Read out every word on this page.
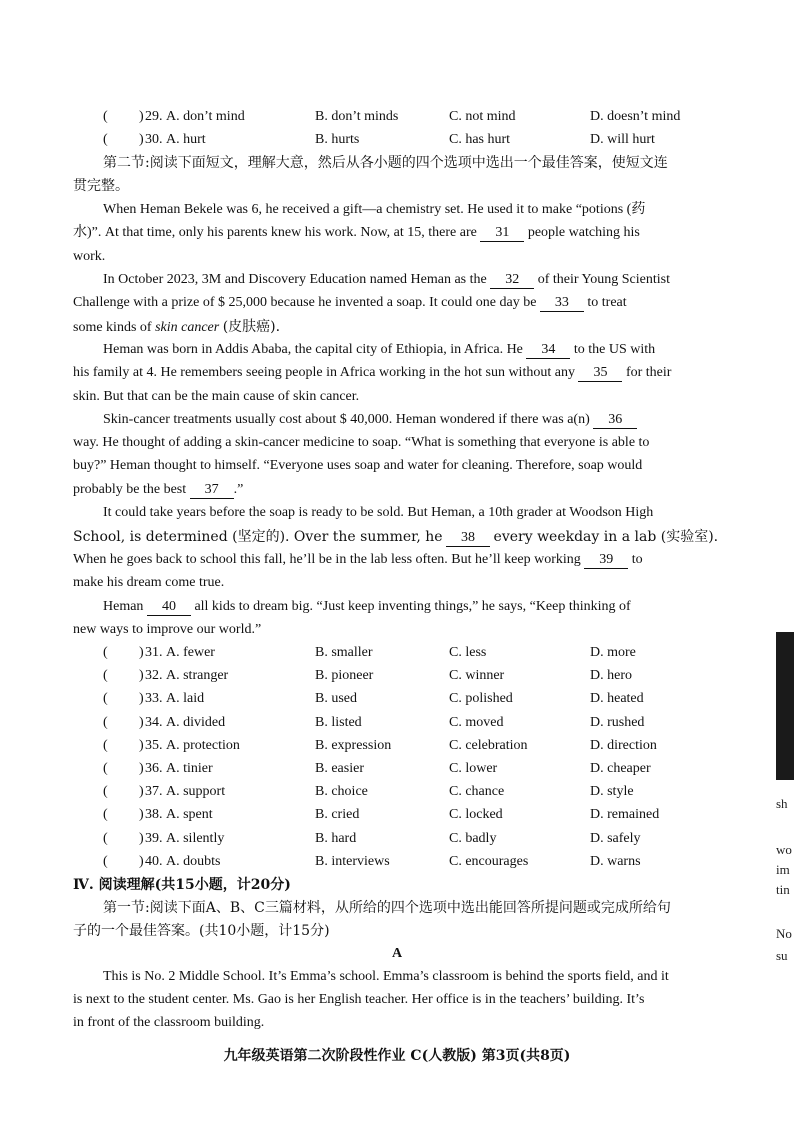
( ) 29. A. don’t mind	B. don’t minds	C. not mind	D. doesn’t mind
( ) 30. A. hurt	B. hurts	C. has hurt	D. will hurt
第二节:阅读下面短文，理解大意，然后从各小题的四个选项中选出一个最佳答案，使短文连
贯完整。
When Heman Bekele was 6, he received a gift—a chemistry set. He used it to make “potions (药
水)”. At that time, only his parents knew his work. Now, at 15, there are 31 people watching his
work.
In October 2023, 3M and Discovery Education named Heman as the 32 of their Young Scientist
Challenge with a prize of $ 25,000 because he invented a soap. It could one day be 33 to treat
some kinds of skin cancer (皮肤癌).
Heman was born in Addis Ababa, the capital city of Ethiopia, in Africa. He 34 to the US with
his family at 4. He remembers seeing people in Africa working in the hot sun without any 35 for their
skin. But that can be the main cause of skin cancer.
Skin-cancer treatments usually cost about $ 40,000. Heman wondered if there was a(n) 36
way. He thought of adding a skin-cancer medicine to soap. “What is something that everyone is able to
buy?” Heman thought to himself. “Everyone uses soap and water for cleaning. Therefore, soap would
probably be the best 37 .”
It could take years before the soap is ready to be sold. But Heman, a 10th grader at Woodson High
School, is determined (坚定的). Over the summer, he 38 every weekday in a lab (实验室).
When he goes back to school this fall, he’ll be in the lab less often. But he’ll keep working 39 to
make his dream come true.
Heman 40 all kids to dream big. “Just keep inventing things,” he says, “Keep thinking of
new ways to improve our world.”
( ) 31. A. fewer	B. smaller	C. less	D. more
( ) 32. A. stranger	B. pioneer	C. winner	D. hero
( ) 33. A. laid	B. used	C. polished	D. heated
( ) 34. A. divided	B. listed	C. moved	D. rushed
( ) 35. A. protection	B. expression	C. celebration	D. direction
( ) 36. A. tinier	B. easier	C. lower	D. cheaper
( ) 37. A. support	B. choice	C. chance	D. style
( ) 38. A. spent	B. cried	C. locked	D. remained
( ) 39. A. silently	B. hard	C. badly	D. safely
( ) 40. A. doubts	B. interviews	C. encourages	D. warns
Ⅳ. 阅读理解(共15小题，计20分)
第一节:阅读下面A、B、C三篇材料，从所给的四个选项中选出能回答所提问题或完成所给句
子的一个最佳答案。(共10小题，计15分)
A
This is No. 2 Middle School. It’s Emma’s school. Emma’s classroom is behind the sports field, and it
is next to the student center. Ms. Gao is her English teacher. Her office is in the teachers’ building. It’s
in front of the classroom building.
sh
wo
im
tin
No
su
九年级英语第二次阶段性作业 C(人教版) 第3页(共8页)
